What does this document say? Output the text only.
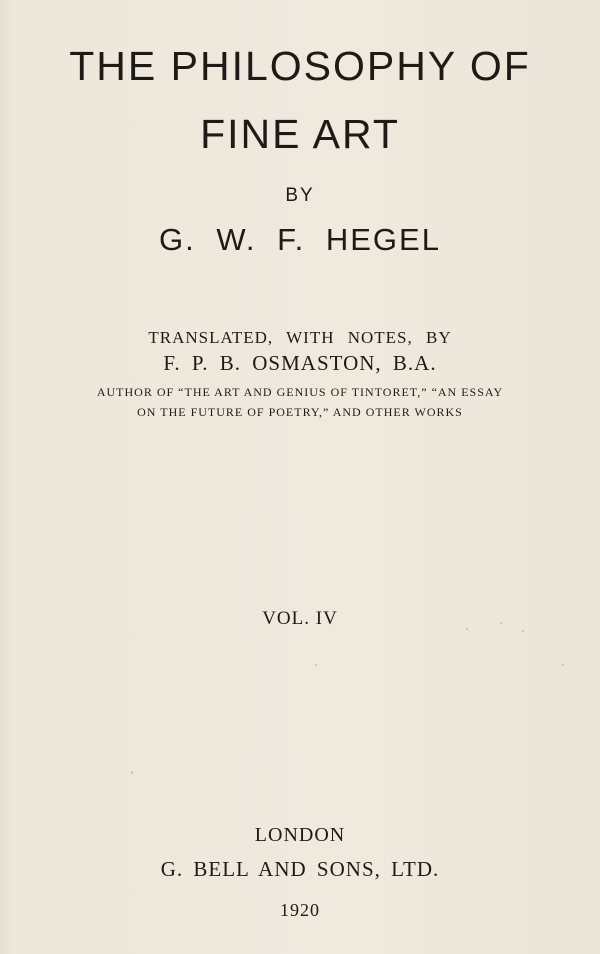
THE PHILOSOPHY OF
FINE ART
BY
G. W. F. HEGEL
TRANSLATED, WITH NOTES, BY
F. P. B. OSMASTON, B.A.
AUTHOR OF “THE ART AND GENIUS OF TINTORET,” “AN ESSAY
ON THE FUTURE OF POETRY,” AND OTHER WORKS
VOL. IV
LONDON
G. BELL AND SONS, LTD.
1920
